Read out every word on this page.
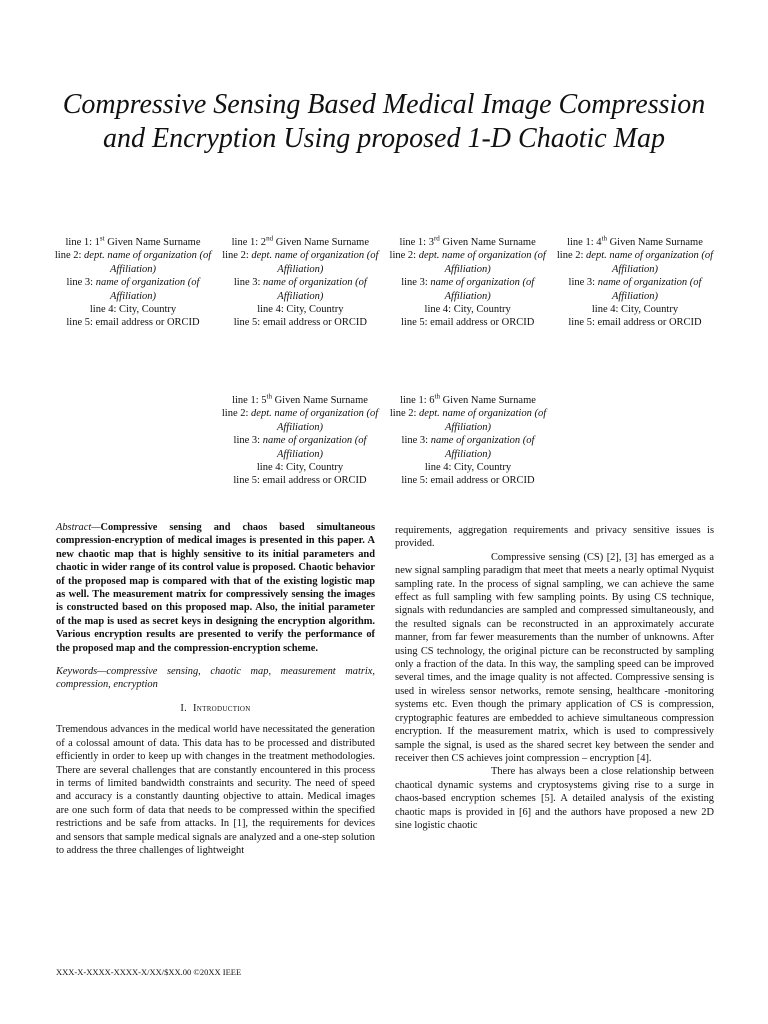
Compressive Sensing Based Medical Image Compression and Encryption Using proposed 1-D Chaotic Map
line 1: 1st Given Name Surname
line 2: dept. name of organization (of Affiliation)
line 3: name of organization (of Affiliation)
line 4: City, Country
line 5: email address or ORCID
line 1: 2nd Given Name Surname
line 2: dept. name of organization (of Affiliation)
line 3: name of organization (of Affiliation)
line 4: City, Country
line 5: email address or ORCID
line 1: 3rd Given Name Surname
line 2: dept. name of organization (of Affiliation)
line 3: name of organization (of Affiliation)
line 4: City, Country
line 5: email address or ORCID
line 1: 4th Given Name Surname
line 2: dept. name of organization (of Affiliation)
line 3: name of organization (of Affiliation)
line 4: City, Country
line 5: email address or ORCID
line 1: 5th Given Name Surname
line 2: dept. name of organization (of Affiliation)
line 3: name of organization (of Affiliation)
line 4: City, Country
line 5: email address or ORCID
line 1: 6th Given Name Surname
line 2: dept. name of organization (of Affiliation)
line 3: name of organization (of Affiliation)
line 4: City, Country
line 5: email address or ORCID

Abstract—Compressive sensing and chaos based simultaneous compression-encryption of medical images is presented in this paper. A new chaotic map that is highly sensitive to its initial parameters and chaotic in wider range of its control value is proposed. Chaotic behavior of the proposed map is compared with that of the existing logistic map as well. The measurement matrix for compressively sensing the images is constructed based on this proposed map. Also, the initial parameter of the map is used as secret keys in designing the encryption algorithm. Various encryption results are presented to verify the performance of the proposed map and the compression-encryption scheme.

Keywords—compressive sensing, chaotic map, measurement matrix, compression, encryption

I. Introduction

Tremendous advances in the medical world have necessitated the generation of a colossal amount of data. This data has to be processed and distributed efficiently in order to keep up with changes in the treatment methodologies. There are several challenges that are constantly encountered in this process in terms of limited bandwidth constraints and security. The need of speed and accuracy is a constantly daunting objective to attain. Medical images are one such form of data that needs to be compressed within the specified restrictions and be safe from attacks. In [1], the requirements for devices and sensors that sample medical signals are analyzed and a one-step solution to address the three challenges of lightweight

requirements, aggregation requirements and privacy sensitive issues is provided.

Compressive sensing (CS) [2], [3] has emerged as a new signal sampling paradigm that meet that meets a nearly optimal Nyquist sampling rate. In the process of signal sampling, we can achieve the same effect as full sampling with few sampling points. By using CS technique, signals with redundancies are sampled and compressed simultaneously, and the resulted signals can be reconstructed in an approximately accurate manner, from far fewer measurements than the number of unknowns. After using CS technology, the original picture can be reconstructed by sampling only a fraction of the data. In this way, the sampling speed can be improved several times, and the image quality is not affected. Compressive sensing is used in wireless sensor networks, remote sensing, healthcare -monitoring systems etc. Even though the primary application of CS is compression, cryptographic features are embedded to achieve simultaneous compression encryption. If the measurement matrix, which is used to compressively sample the signal, is used as the shared secret key between the sender and receiver then CS achieves joint compression – encryption [4].

There has always been a close relationship between chaotical dynamic systems and cryptosystems giving rise to a surge in chaos-based encryption schemes [5]. A detailed analysis of the existing chaotic maps is provided in [6] and the authors have proposed a new 2D sine logistic chaotic

XXX-X-XXXX-XXXX-X/XX/$XX.00 ©20XX IEEE
